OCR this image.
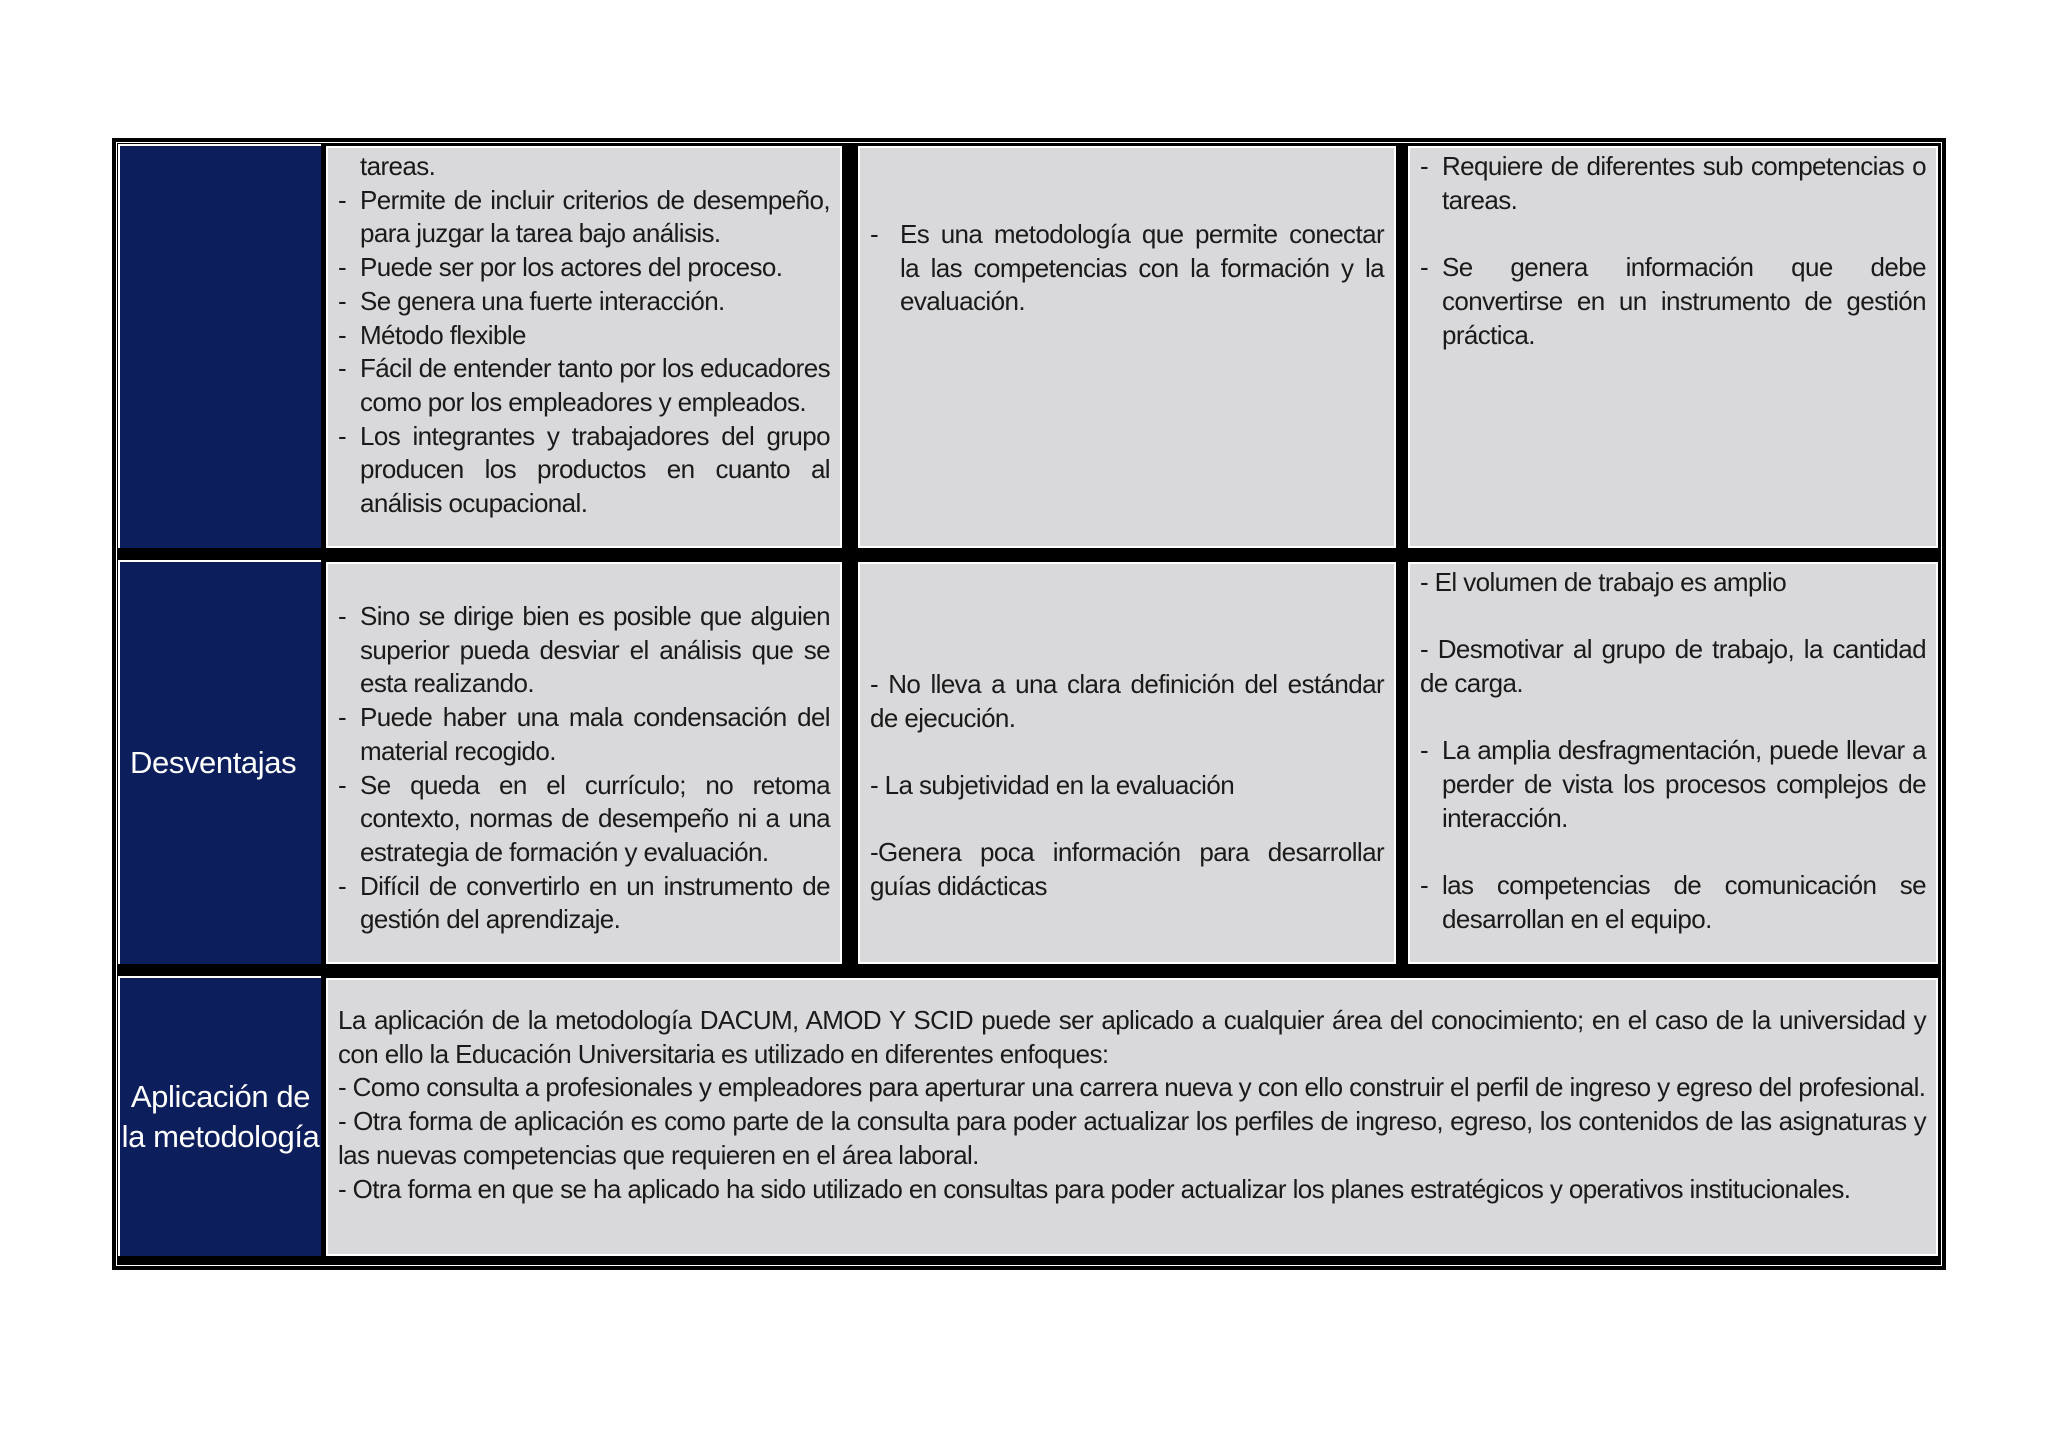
tareas.
- Permite de incluir criterios de desempeño, para juzgar la tarea bajo análisis.
- Puede ser por los actores del proceso.
- Se genera una fuerte interacción.
- Método flexible
- Fácil de entender tanto por los educadores como por los empleadores y empleados.
- Los integrantes y trabajadores del grupo producen los productos en cuanto al análisis ocupacional.
- Es una metodología que permite conectar la las competencias con la formación y la evaluación.
- Requiere de diferentes sub competencias o tareas.
- Se genera información que debe convertirse en un instrumento de gestión práctica.
Desventajas
- Sino se dirige bien es posible que alguien superior pueda desviar el análisis que se esta realizando.
- Puede haber una mala condensación del material recogido.
- Se queda en el currículo; no retoma contexto, normas de desempeño ni a una estrategia de formación y evaluación.
- Difícil de convertirlo en un instrumento de gestión del aprendizaje.
- No lleva a una clara definición del estándar de ejecución.
- La subjetividad en la evaluación
-Genera poca información para desarrollar guías didácticas
- El volumen de trabajo es amplio
- Desmotivar al grupo de trabajo, la cantidad de carga.
- La amplia desfragmentación, puede llevar a perder de vista los procesos complejos de interacción.
- las competencias de comunicación se desarrollan en el equipo.
Aplicación de la metodología
La aplicación de la metodología DACUM, AMOD Y SCID puede ser aplicado a cualquier área del conocimiento; en el caso de la universidad y con ello la Educación Universitaria es utilizado en diferentes enfoques:
- Como consulta a profesionales y empleadores para aperturar una carrera nueva y con ello construir el perfil de ingreso y egreso del profesional.
- Otra forma de aplicación es como parte de la consulta para poder actualizar los perfiles de ingreso, egreso, los contenidos de las asignaturas y las nuevas competencias que requieren en el área laboral.
- Otra forma en que se ha aplicado ha sido utilizado en consultas para poder actualizar los planes estratégicos y operativos institucionales.
